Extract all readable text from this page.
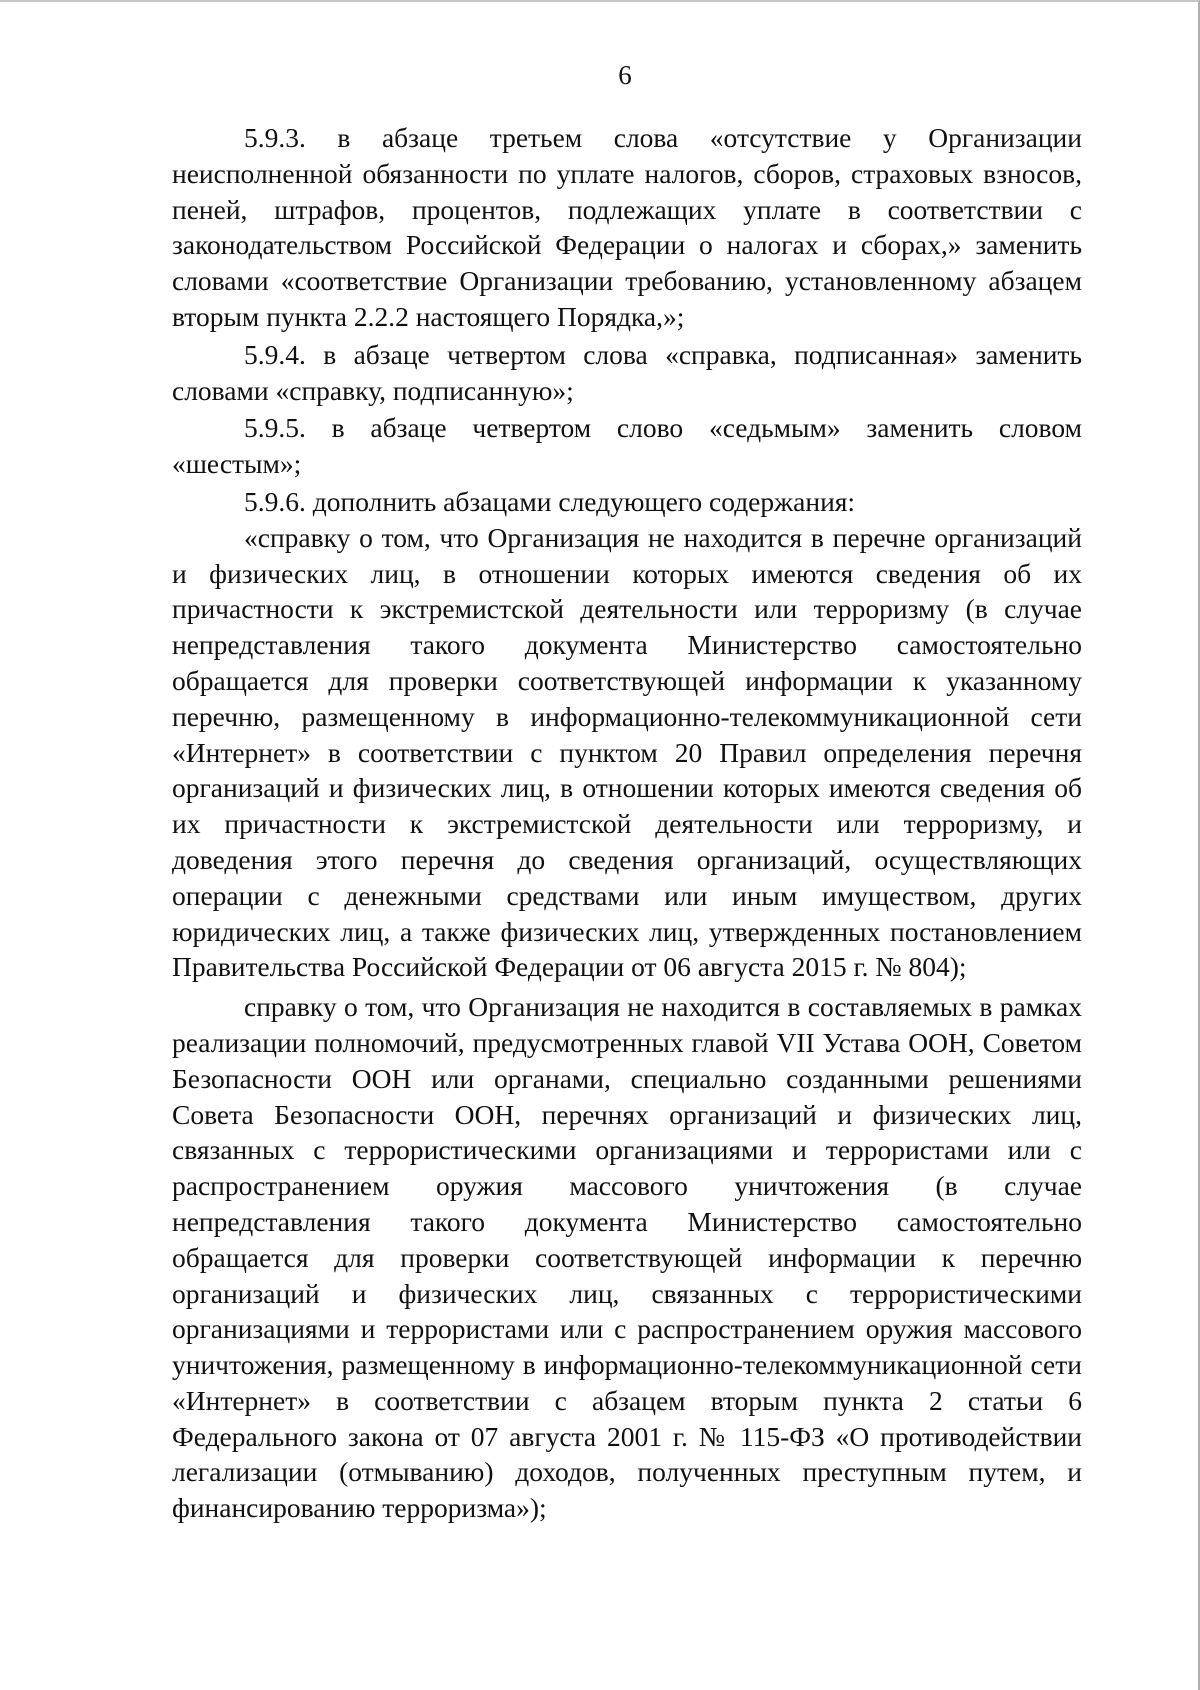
6

5.9.3. в абзаце третьем слова «отсутствие у Организации неисполненной обязанности по уплате налогов, сборов, страховых взносов, пеней, штрафов, процентов, подлежащих уплате в соответствии с законодательством Российской Федерации о налогах и сборах,» заменить словами «соответствие Организации требованию, установленному абзацем вторым пункта 2.2.2 настоящего Порядка,»;

5.9.4. в абзаце четвертом слова «справка, подписанная» заменить словами «справку, подписанную»;

5.9.5. в абзаце четвертом слово «седьмым» заменить словом «шестым»;

5.9.6. дополнить абзацами следующего содержания:

«справку о том, что Организация не находится в перечне организаций и физических лиц, в отношении которых имеются сведения об их причастности к экстремистской деятельности или терроризму (в случае непредставления такого документа Министерство самостоятельно обращается для проверки соответствующей информации к указанному перечню, размещенному в информационно-телекоммуникационной сети «Интернет» в соответствии с пунктом 20 Правил определения перечня организаций и физических лиц, в отношении которых имеются сведения об их причастности к экстремистской деятельности или терроризму, и доведения этого перечня до сведения организаций, осуществляющих операции с денежными средствами или иным имуществом, других юридических лиц, а также физических лиц, утвержденных постановлением Правительства Российской Федерации от 06 августа 2015 г. № 804);

справку о том, что Организация не находится в составляемых в рамках реализации полномочий, предусмотренных главой VII Устава ООН, Советом Безопасности ООН или органами, специально созданными решениями Совета Безопасности ООН, перечнях организаций и физических лиц, связанных с террористическими организациями и террористами или с распространением оружия массового уничтожения (в случае непредставления такого документа Министерство самостоятельно обращается для проверки соответствующей информации к перечню организаций и физических лиц, связанных с террористическими организациями и террористами или с распространением оружия массового уничтожения, размещенному в информационно-телекоммуникационной сети «Интернет» в соответствии с абзацем вторым пункта 2 статьи 6 Федерального закона от 07 августа 2001 г. № 115-ФЗ «О противодействии легализации (отмыванию) доходов, полученных преступным путем, и финансированию терроризма»);
